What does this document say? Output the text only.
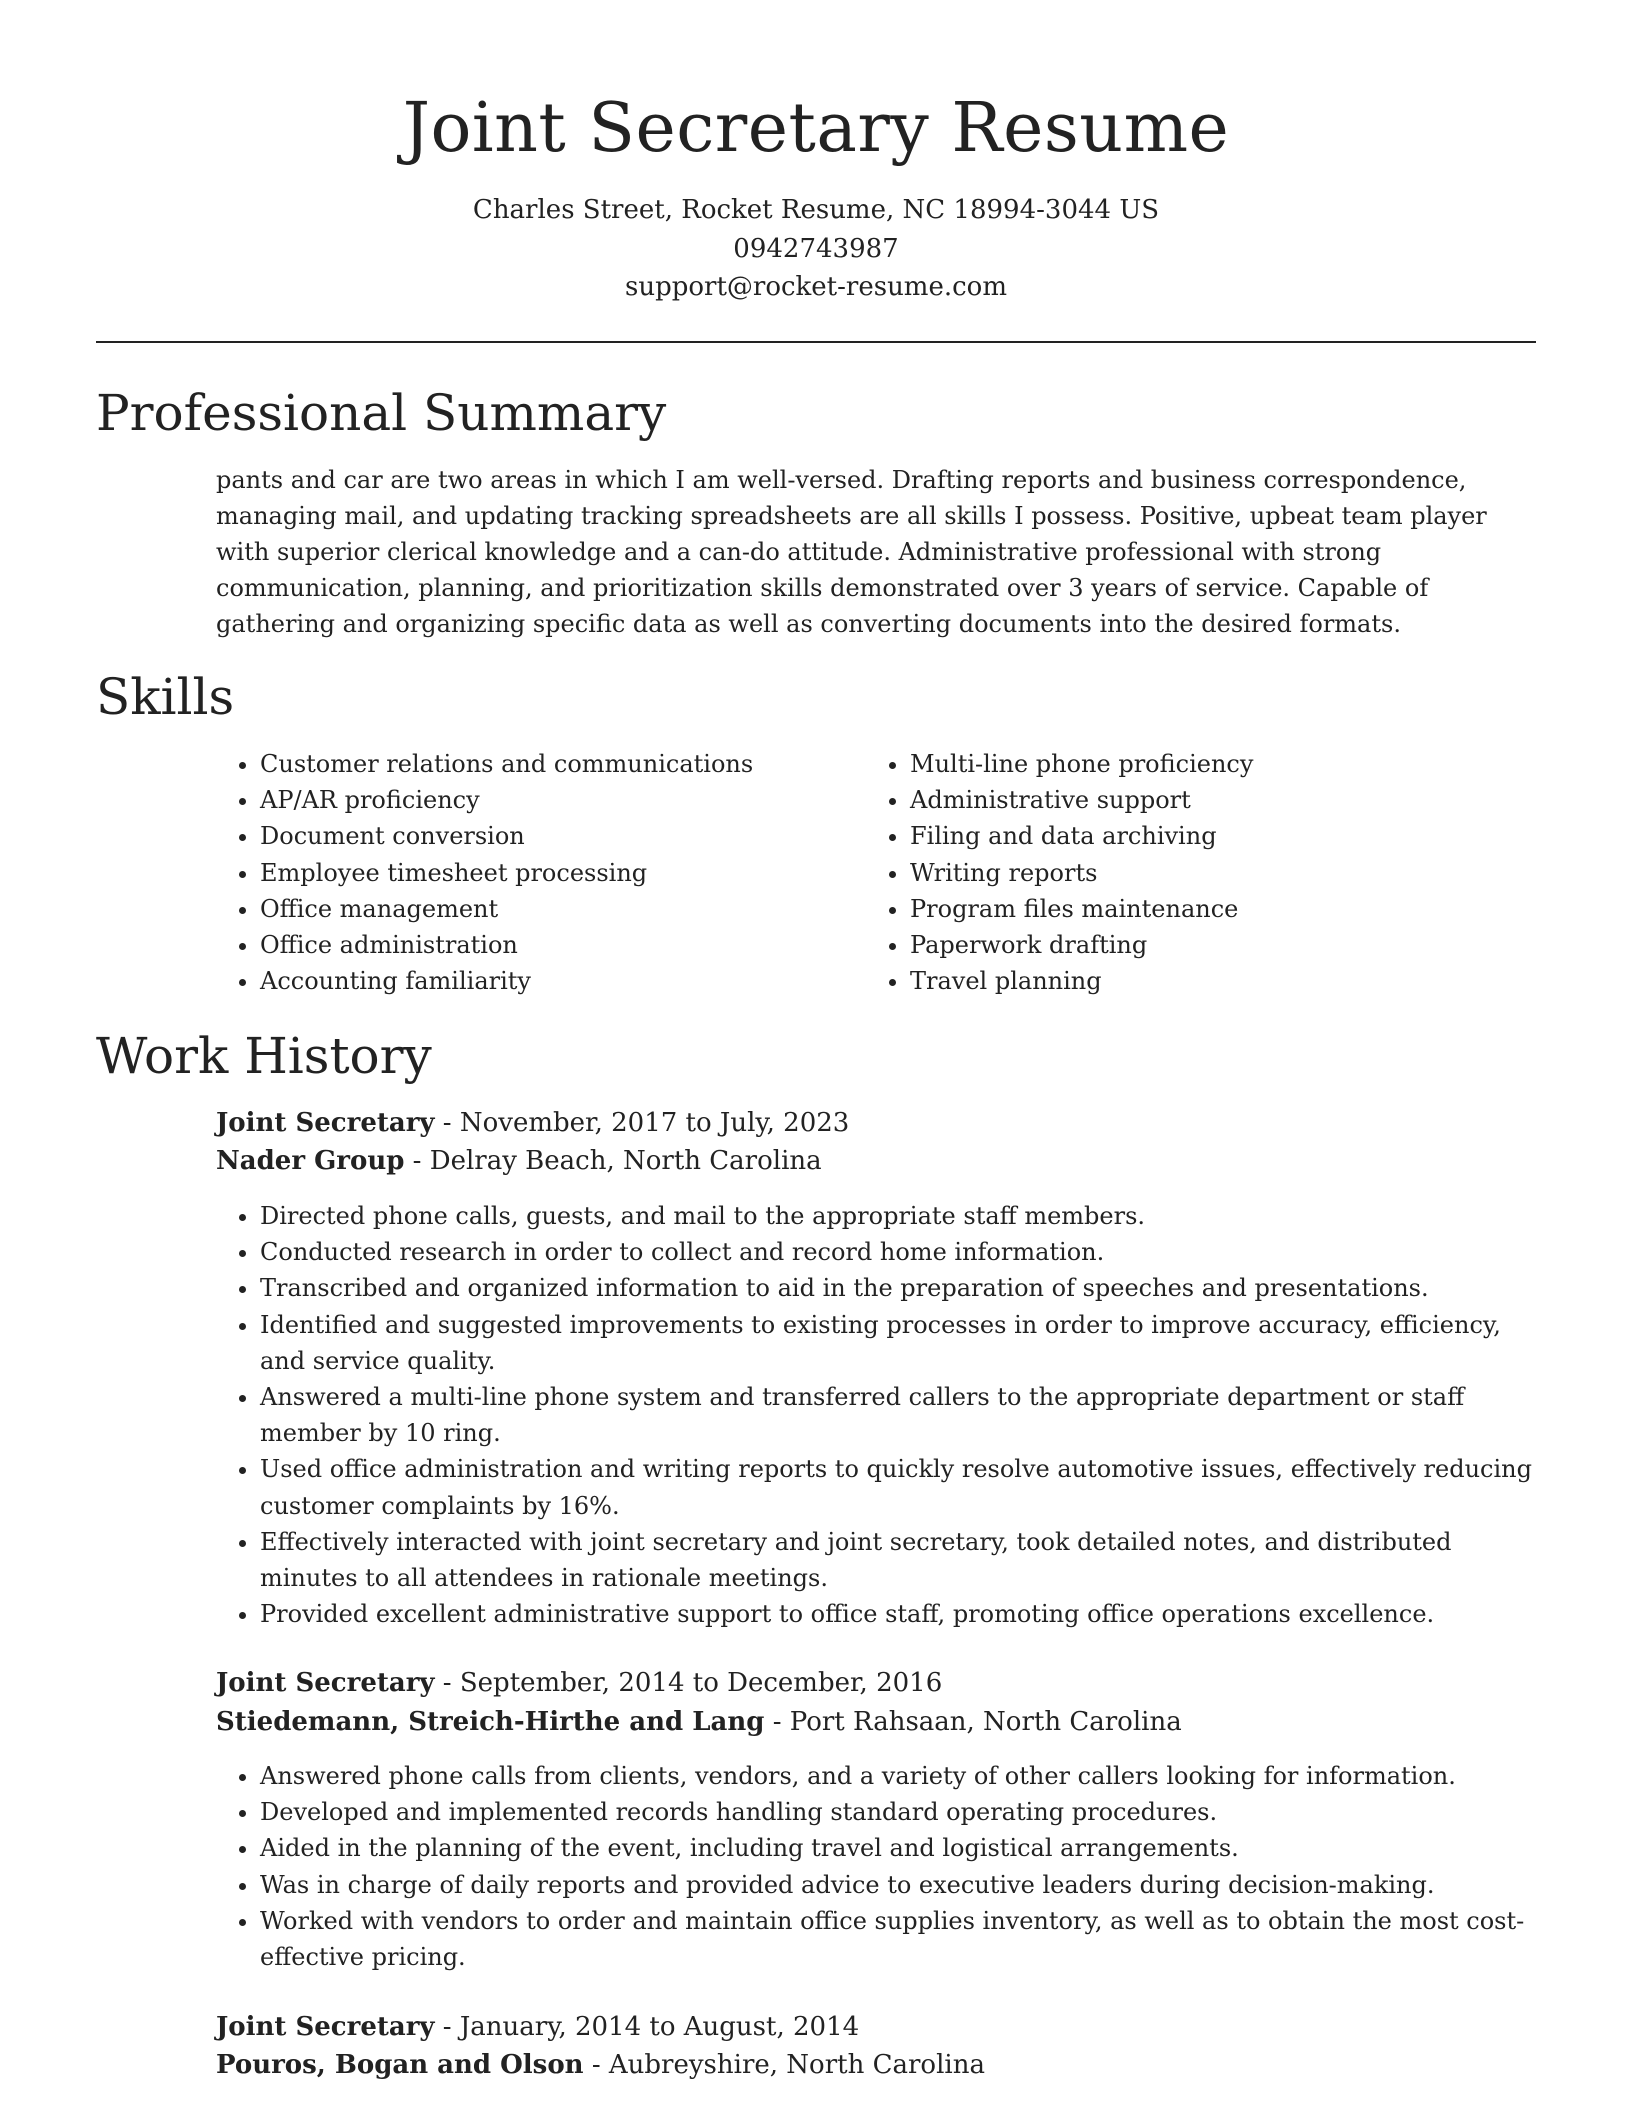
Joint Secretary Resume

Charles Street, Rocket Resume, NC 18994-3044 US

0942743987

support@rocket-resume.com

Professional Summary

pants and car are two areas in which I am well-versed. Drafting reports and business correspondence, managing mail, and updating tracking spreadsheets are all skills I possess. Positive, upbeat team player with superior clerical knowledge and a can-do attitude. Administrative professional with strong communication, planning, and prioritization skills demonstrated over 3 years of service. Capable of gathering and organizing specific data as well as converting documents into the desired formats.

Skills
• Customer relations and communications
• AP/AR proficiency
• Document conversion
• Employee timesheet processing
• Office management
• Office administration
• Accounting familiarity
• Multi-line phone proficiency
• Administrative support
• Filing and data archiving
• Writing reports
• Program files maintenance
• Paperwork drafting
• Travel planning
Work History

Joint Secretary - November, 2017 to July, 2023

Nader Group - Delray Beach, North Carolina

• Directed phone calls, guests, and mail to the appropriate staff members.
• Conducted research in order to collect and record home information.
• Transcribed and organized information to aid in the preparation of speeches and presentations.
• Identified and suggested improvements to existing processes in order to improve accuracy, efficiency, and service quality.
• Answered a multi-line phone system and transferred callers to the appropriate department or staff member by 10 ring.
• Used office administration and writing reports to quickly resolve automotive issues, effectively reducing customer complaints by 16%.
• Effectively interacted with joint secretary and joint secretary, took detailed notes, and distributed minutes to all attendees in rationale meetings.
• Provided excellent administrative support to office staff, promoting office operations excellence.

Joint Secretary - September, 2014 to December, 2016

Stiedemann, Streich-Hirthe and Lang - Port Rahsaan, North Carolina

• Answered phone calls from clients, vendors, and a variety of other callers looking for information.
• Developed and implemented records handling standard operating procedures.
• Aided in the planning of the event, including travel and logistical arrangements.
• Was in charge of daily reports and provided advice to executive leaders during decision-making.
• Worked with vendors to order and maintain office supplies inventory, as well as to obtain the most cost-effective pricing.

Joint Secretary - January, 2014 to August, 2014

Pouros, Bogan and Olson - Aubreyshire, North Carolina
